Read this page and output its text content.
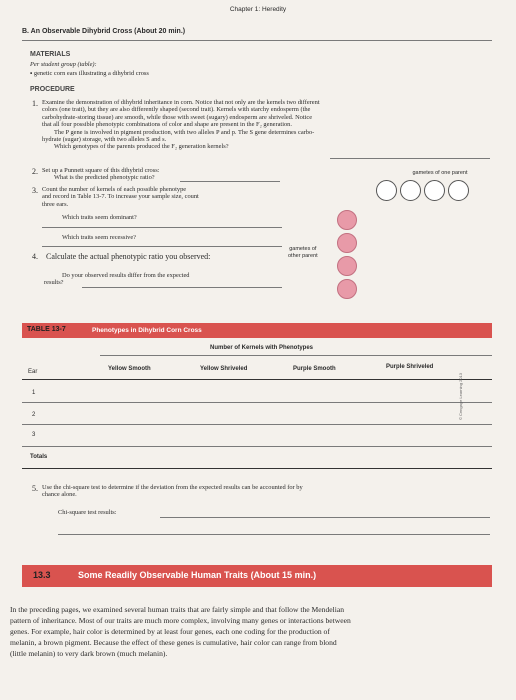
Chapter 1: Heredity
B. An Observable Dihybrid Cross (About 20 min.)
MATERIALS
Per student group (table):
▪ genetic corn ears illustrating a dihybrid cross
PROCEDURE
1. Examine the demonstration of dihybrid inheritance in corn. Notice that not only are the kernels two different
colors (one trait), but they are also differently shaped (second trait). Kernels with starchy endosperm (the
carbohydrate-storing tissue) are smooth, while those with sweet (sugary) endosperm are shriveled. Notice
that all four possible phenotypic combinations of color and shape are present in the F₂ generation.
The P gene is involved in pigment production, with two alleles P and p. The S gene determines carbo-
hydrate (sugar) storage, with two alleles S and s.
Which genotypes of the parents produced the F₂ generation kernels?
2. Set up a Punnett square of this dihybrid cross:
What is the predicted phenotypic ratio?
3. Count the number of kernels of each possible phenotype
and record in Table 13-7. To increase your sample size, count
three ears.
Which traits seem dominant?
Which traits seem recessive?
4. Calculate the actual phenotypic ratio you observed:
Do your observed results differ from the expected
results?
gametes of one parent
gametes of
other parent
TABLE 13-7	Phenotypes in Dihybrid Corn Cross
Number of Kernels with Phenotypes
Ear	Yellow Smooth	Yellow Shriveled	Purple Smooth	Purple Shriveled
1
2
3
Totals
© Cengage Learning 2013
5. Use the chi-square test to determine if the deviation from the expected results can be accounted for by
chance alone.
Chi-square test results:
13.3	Some Readily Observable Human Traits (About 15 min.)
In the preceding pages, we examined several human traits that are fairly simple and that follow the Mendelian
pattern of inheritance. Most of our traits are much more complex, involving many genes or interactions between
genes. For example, hair color is determined by at least four genes, each one coding for the production of
melanin, a brown pigment. Because the effect of these genes is cumulative, hair color can range from blond
(little melanin) to very dark brown (much melanin).
